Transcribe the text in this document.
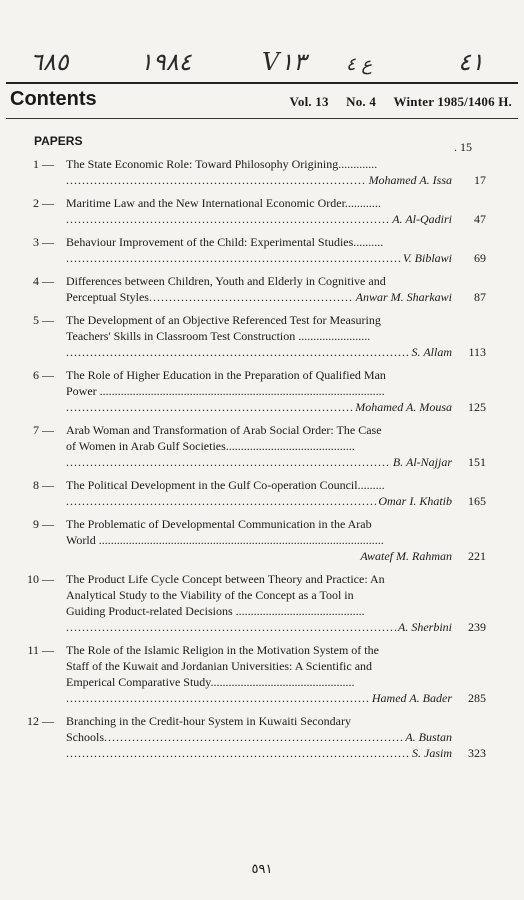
٦٨٥	١٩٨٤	V١٣ ع ٤	٤١
Contents	Vol. 13 No. 4 Winter 1985/1406 H.
PAPERS	. 15
1 — The State Economic Role: Toward Philosophy Origining.............
.....
Mohamed A. Issa 17
2 — Maritime Law and the New International Economic Order............
.....
A. Al-Qadiri 47
3 — Behaviour Improvement of the Child: Experimental Studies..........
.....
V. Biblawi 69
4 — Differences between Children, Youth and Elderly in Cognitive and
Perceptual Styles .....	Anwar M. Sharkawi 87
5 — The Development of an Objective Referenced Test for Measuring
Teachers' Skills in Classroom Test Construction ........................
.....
S. Allam 113
6 — The Role of Higher Education in the Preparation of Qualified Man
Power ...............................................................................................
.....
Mohamed A. Mousa 125
7 — Arab Woman and Transformation of Arab Social Order: The Case
of Women in Arab Gulf Societies...........................................
.....
B. Al-Najjar 151
8 — The Political Development in the Gulf Co-operation Council.........
.....
Omar I. Khatib 165
9 — The Problematic of Developmental Communication in the Arab
World ...............................................................................................
Awatef M. Rahman 221
10 — The Product Life Cycle Concept between Theory and Practice: An
Analytical Study to the Viability of the Concept as a Tool in
Guiding Product-related Decisions ...........................................
.....
A. Sherbini 239
11 — The Role of the Islamic Religion in the Motivation System of the
Staff of the Kuwait and Jordanian Universities: A Scientific and
Emperical Comparative Study................................................
.....
Hamed A. Bader 285
12 — Branching in the Credit-hour System in Kuwaiti Secondary
Schools .....	A. Bustan
.....
S. Jasim 323
٥٩١
